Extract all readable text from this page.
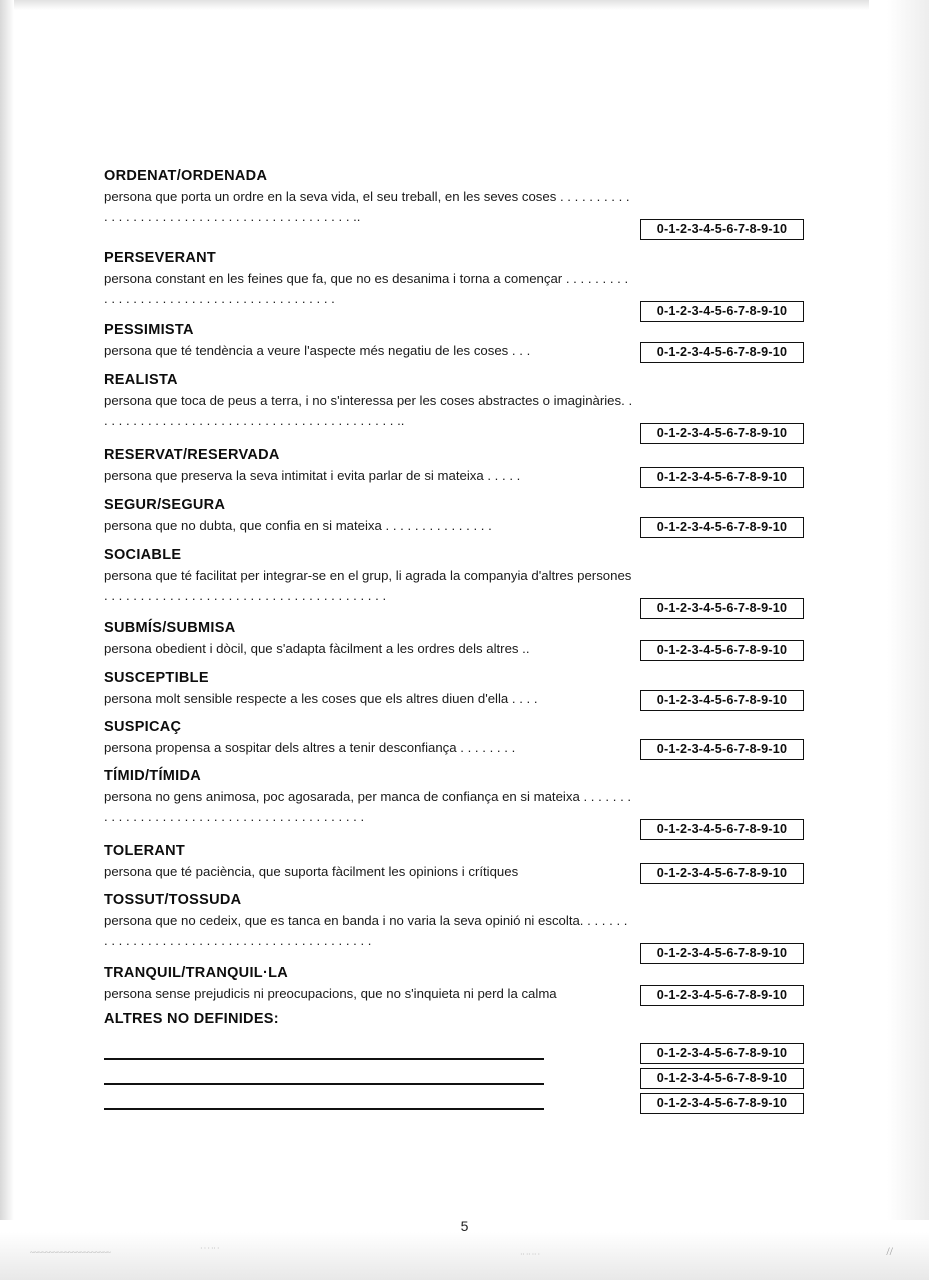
~~~~~~~~~~~~~~~~~~~~~	· · · ·· ·
·· ·· ·· ·
ORDENAT/ORDENADA
persona que porta un ordre en la seva vida, el seu treball, en les seves coses . . . . . . . . . . . . . . . . . . . . . . . . . . . . . . . . . . . . . . . . . . . . ..
0-1-2-3-4-5-6-7-8-9-10
PERSEVERANT
persona constant en les feines que fa, que no es desanima i torna a començar . . . . . . . . . . . . . . . . . . . . . . . . . . . . . . . . . . . . . . . . .
0-1-2-3-4-5-6-7-8-9-10
PESSIMISTA
persona que té tendència a veure l'aspecte més negatiu de les coses . . .	0-1-2-3-4-5-6-7-8-9-10
REALISTA
persona que toca de peus a terra, i no s'interessa per les coses abstractes o imaginàries. . . . . . . . . . . . . . . . . . . . . . . . . . . . . . . . . . . . . . . . . . ..
0-1-2-3-4-5-6-7-8-9-10
RESERVAT/RESERVADA
persona que preserva la seva intimitat i evita parlar de si mateixa . . . . .	0-1-2-3-4-5-6-7-8-9-10
SEGUR/SEGURA
persona que no dubta, que confia en si mateixa . . . . . . . . . . . . . . .	0-1-2-3-4-5-6-7-8-9-10
SOCIABLE
persona que té facilitat per integrar-se en el grup, li agrada la companyia d'altres persones . . . . . . . . . . . . . . . . . . . . . . . . . . . . . . . . . . . . . . .
0-1-2-3-4-5-6-7-8-9-10
SUBMÍS/SUBMISA
persona obedient i dòcil, que s'adapta fàcilment a les ordres dels altres ..	0-1-2-3-4-5-6-7-8-9-10
SUSCEPTIBLE
persona molt sensible respecte a les coses que els altres diuen d'ella . . . .	0-1-2-3-4-5-6-7-8-9-10
SUSPICAÇ
persona propensa a sospitar dels altres a tenir desconfiança . . . . . . . .	0-1-2-3-4-5-6-7-8-9-10
TÍMID/TÍMIDA
persona no gens animosa, poc agosarada, per manca de confiança en si mateixa . . . . . . . . . . . . . . . . . . . . . . . . . . . . . . . . . . . . . . . . . . .
0-1-2-3-4-5-6-7-8-9-10
TOLERANT
persona que té paciència, que suporta fàcilment les opinions i crítiques	0-1-2-3-4-5-6-7-8-9-10
TOSSUT/TOSSUDA
persona que no cedeix, que es tanca en banda i no varia la seva opinió ni escolta. . . . . . . . . . . . . . . . . . . . . . . . . . . . . . . . . . . . . . . . . . . .
0-1-2-3-4-5-6-7-8-9-10
TRANQUIL/TRANQUIL·LA
persona sense prejudicis ni preocupacions, que no s'inquieta ni perd la calma	0-1-2-3-4-5-6-7-8-9-10
ALTRES NO DEFINIDES:
0-1-2-3-4-5-6-7-8-9-10
0-1-2-3-4-5-6-7-8-9-10
0-1-2-3-4-5-6-7-8-9-10
5
//
